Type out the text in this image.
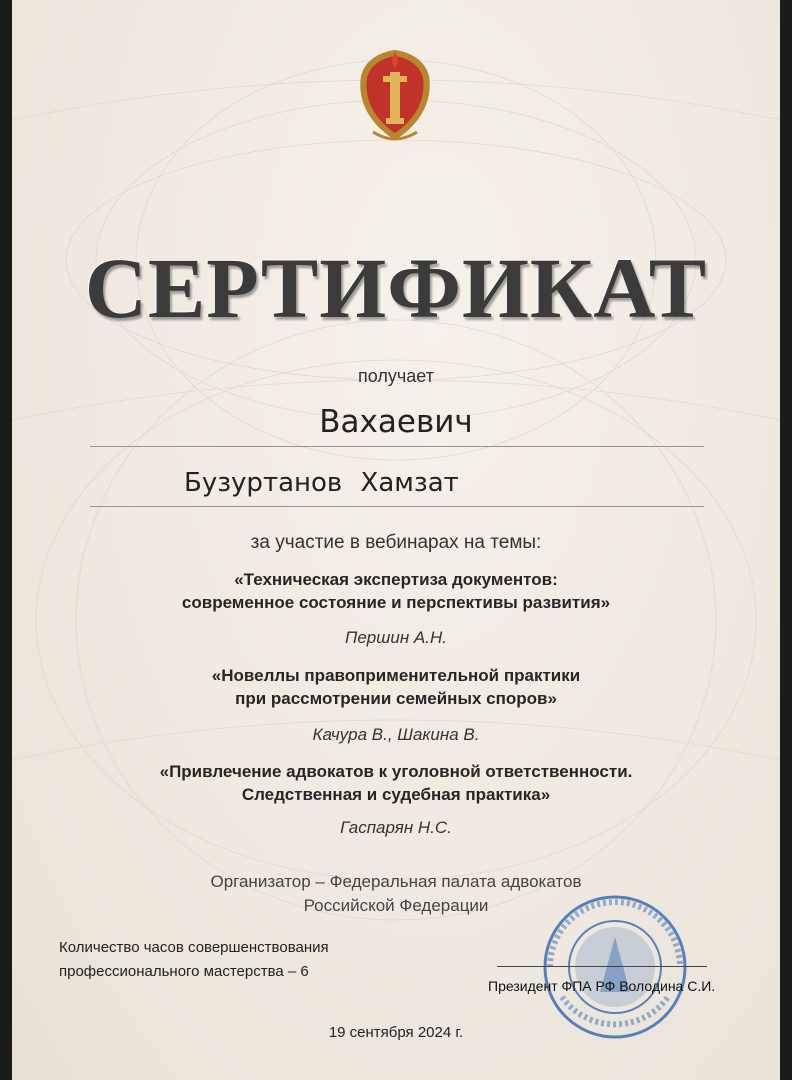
СЕРТИФИКАТ
получает
Вахаевич
Бузуртанов Хамзат
за участие в вебинарах на темы:
«Техническая экспертиза документов:
современное состояние и перспективы развития»
Першин А.Н.
«Новеллы правоприменительной практики
при рассмотрении семейных споров»
Качура В., Шакина В.
«Привлечение адвокатов к уголовной ответственности.
Следственная и судебная практика»
Гаспарян Н.С.
Организатор – Федеральная палата адвокатов
Российской Федерации
Количество часов совершенствования
профессионального мастерства – 6
Президент ФПА РФ Володина С.И.
19 сентября 2024 г.
